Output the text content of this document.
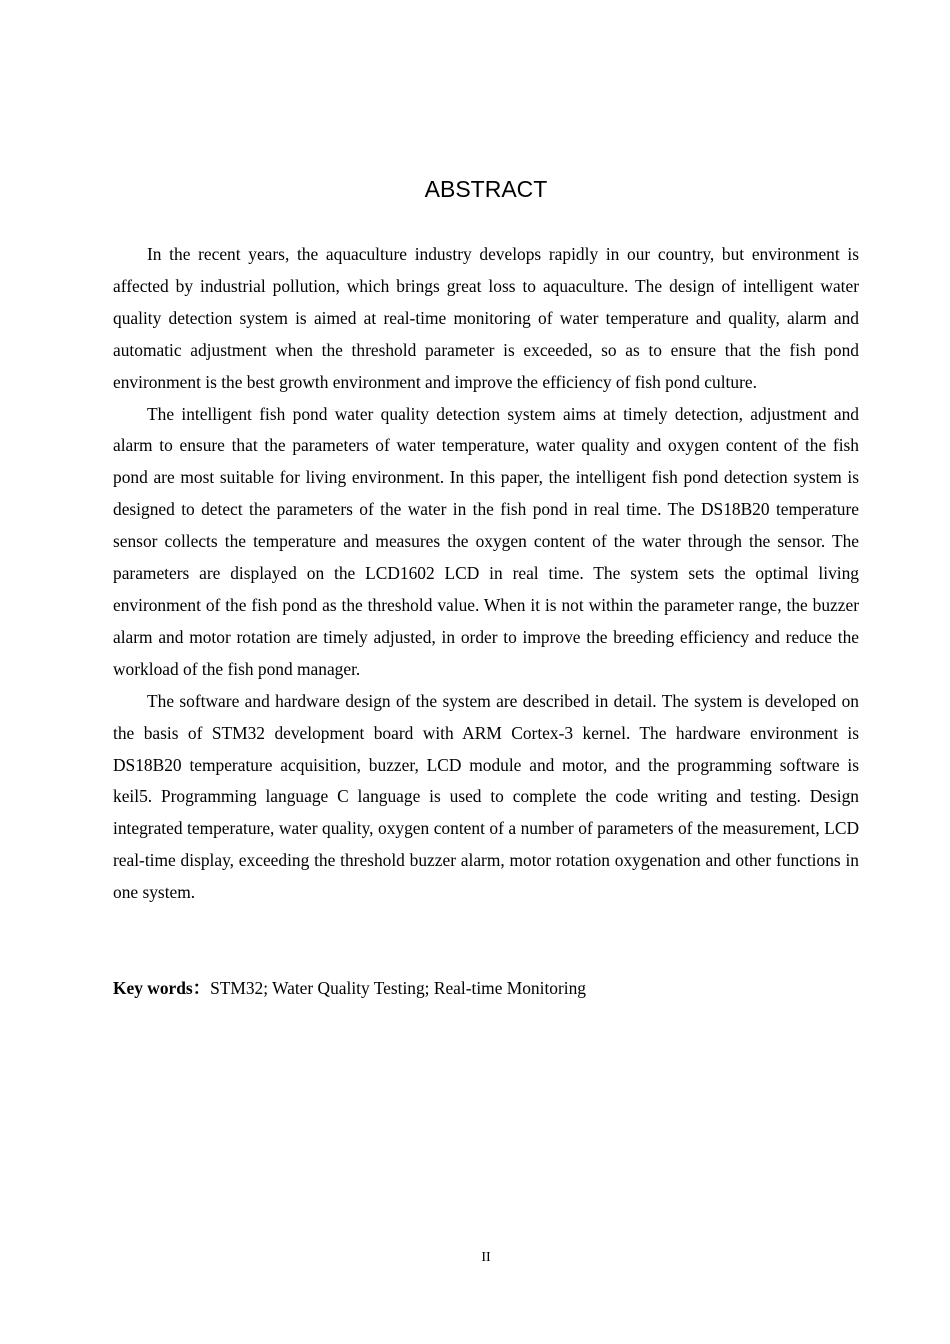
ABSTRACT

In the recent years, the aquaculture industry develops rapidly in our country, but environment is affected by industrial pollution, which brings great loss to aquaculture. The design of intelligent water quality detection system is aimed at real-time monitoring of water temperature and quality, alarm and automatic adjustment when the threshold parameter is exceeded, so as to ensure that the fish pond environment is the best growth environment and improve the efficiency of fish pond culture.

The intelligent fish pond water quality detection system aims at timely detection, adjustment and alarm to ensure that the parameters of water temperature, water quality and oxygen content of the fish pond are most suitable for living environment. In this paper, the intelligent fish pond detection system is designed to detect the parameters of the water in the fish pond in real time. The DS18B20 temperature sensor collects the temperature and measures the oxygen content of the water through the sensor. The parameters are displayed on the LCD1602 LCD in real time. The system sets the optimal living environment of the fish pond as the threshold value. When it is not within the parameter range, the buzzer alarm and motor rotation are timely adjusted, in order to improve the breeding efficiency and reduce the workload of the fish pond manager.

The software and hardware design of the system are described in detail. The system is developed on the basis of STM32 development board with ARM Cortex-3 kernel. The hardware environment is DS18B20 temperature acquisition, buzzer, LCD module and motor, and the programming software is keil5. Programming language C language is used to complete the code writing and testing. Design integrated temperature, water quality, oxygen content of a number of parameters of the measurement, LCD real-time display, exceeding the threshold buzzer alarm, motor rotation oxygenation and other functions in one system.

Key words：STM32; Water Quality Testing; Real-time Monitoring
II
